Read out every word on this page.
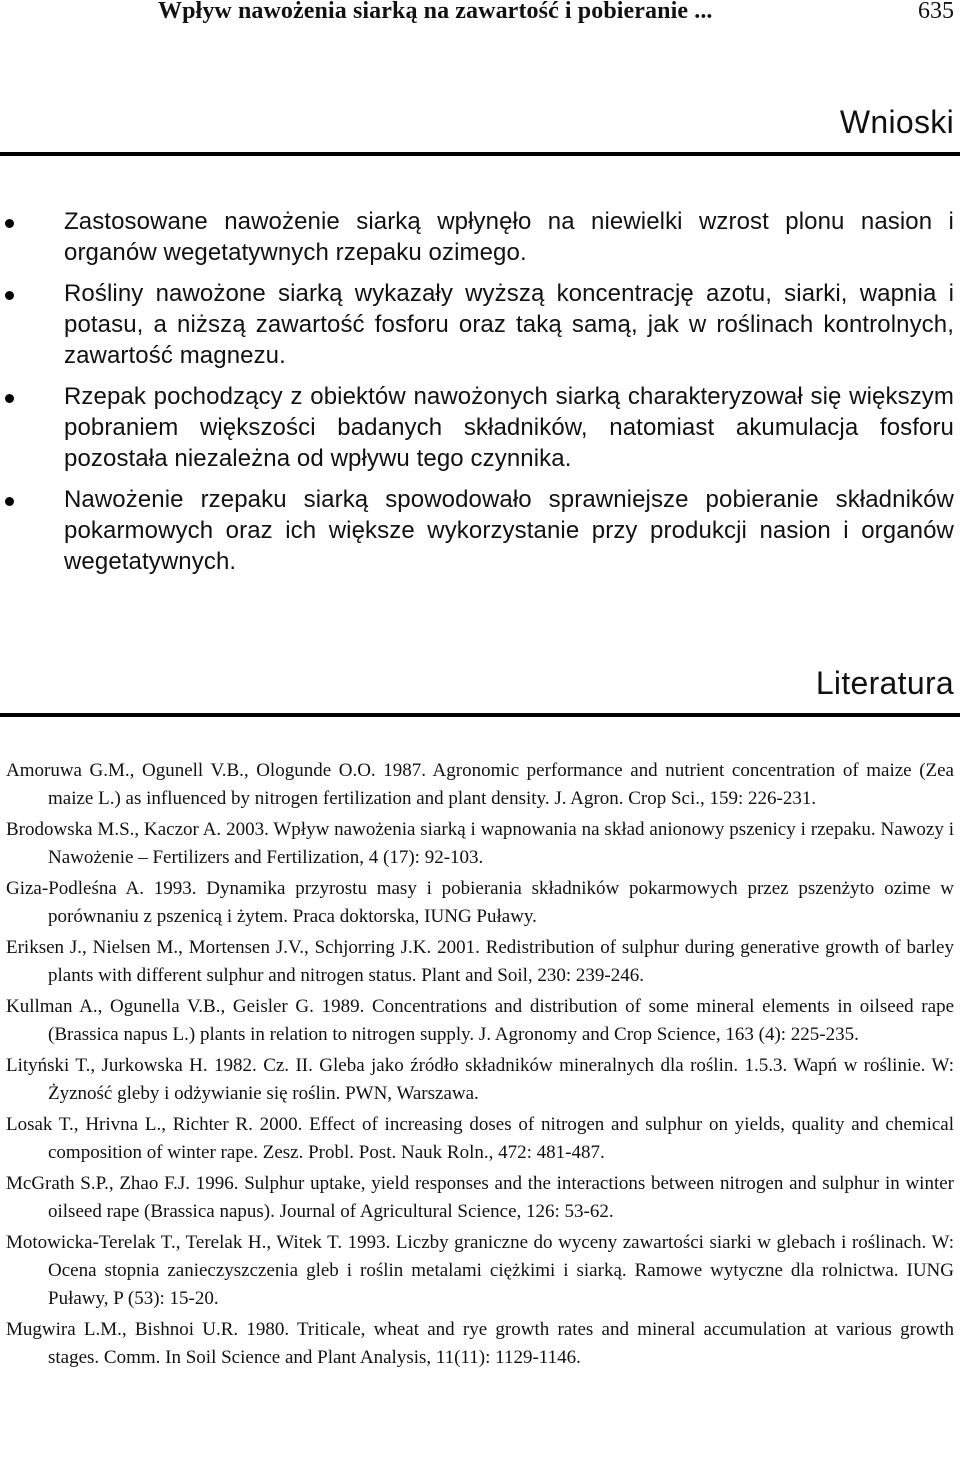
Wpływ nawożenia siarką na zawartość i pobieranie ...	635
Wnioski
Zastosowane nawożenie siarką wpłynęło na niewielki wzrost plonu nasion i organów wegetatywnych rzepaku ozimego.
Rośliny nawożone siarką wykazały wyższą koncentrację azotu, siarki, wapnia i potasu, a niższą zawartość fosforu oraz taką samą, jak w roślinach kontrolnych, zawartość magnezu.
Rzepak pochodzący z obiektów nawożonych siarką charakteryzował się większym pobraniem większości badanych składników, natomiast akumulacja fosforu pozostała niezależna od wpływu tego czynnika.
Nawożenie rzepaku siarką spowodowało sprawniejsze pobieranie składników pokarmowych oraz ich większe wykorzystanie przy produkcji nasion i organów wegetatywnych.
Literatura
Amoruwa G.M., Ogunell V.B., Ologunde O.O. 1987. Agronomic performance and nutrient concentration of maize (Zea maize L.) as influenced by nitrogen fertilization and plant density. J. Agron. Crop Sci., 159: 226-231.
Brodowska M.S., Kaczor A. 2003. Wpływ nawożenia siarką i wapnowania na skład anionowy pszenicy i rzepaku. Nawozy i Nawożenie – Fertilizers and Fertilization, 4 (17): 92-103.
Giza-Podleśna A. 1993. Dynamika przyrostu masy i pobierania składników pokarmowych przez pszenżyto ozime w porównaniu z pszenicą i żytem. Praca doktorska, IUNG Puławy.
Eriksen J., Nielsen M., Mortensen J.V., Schjorring J.K. 2001. Redistribution of sulphur during generative growth of barley plants with different sulphur and nitrogen status. Plant and Soil, 230: 239-246.
Kullman A., Ogunella V.B., Geisler G. 1989. Concentrations and distribution of some mineral elements in oilseed rape (Brassica napus L.) plants in relation to nitrogen supply. J. Agronomy and Crop Science, 163 (4): 225-235.
Lityński T., Jurkowska H. 1982. Cz. II. Gleba jako źródło składników mineralnych dla roślin. 1.5.3. Wapń w roślinie. W: Żyzność gleby i odżywianie się roślin. PWN, Warszawa.
Losak T., Hrivna L., Richter R. 2000. Effect of increasing doses of nitrogen and sulphur on yields, quality and chemical composition of winter rape. Zesz. Probl. Post. Nauk Roln., 472: 481-487.
McGrath S.P., Zhao F.J. 1996. Sulphur uptake, yield responses and the interactions between nitrogen and sulphur in winter oilseed rape (Brassica napus). Journal of Agricultural Science, 126: 53-62.
Motowicka-Terelak T., Terelak H., Witek T. 1993. Liczby graniczne do wyceny zawartości siarki w glebach i roślinach. W: Ocena stopnia zanieczyszczenia gleb i roślin metalami ciężkimi i siarką. Ramowe wytyczne dla rolnictwa. IUNG Puławy, P (53): 15-20.
Mugwira L.M., Bishnoi U.R. 1980. Triticale, wheat and rye growth rates and mineral accumulation at various growth stages. Comm. In Soil Science and Plant Analysis, 11(11): 1129-1146.
